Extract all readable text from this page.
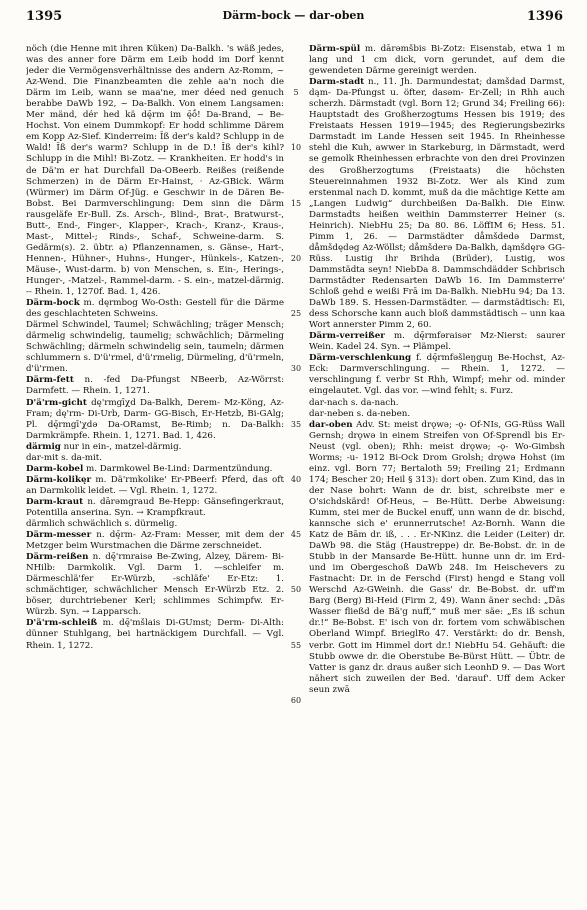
1395	Därm-bock — dar-oben	1396

nöch (die Henne mit ihren Küken) Da-Balkh. 's wäß jedes, was des anner fore Därm em Leib hodd im Dorf kennt jeder die Vermögensverhältnisse des andern Az-Romm, ~ Az-Wend. Die Finanzbeamten die zehle aa'n noch die Därm im Leib, wann se maa'ne, mer déed ned genuch berabbe DaWb 192, ~ Da-Balkh. Von einem Langsamen: Mer mänd, dér hed kä dę̄rm im ę̄ṓ! Da-Brand, ~ Be-Hochst. Von einem Dummkopf: Er hodd schlimme Därem em Kopp Az-Sief. Kinderreim: Ĭß der's kald? Schlupp in de Wald! Ĭß der's warm? Schlupp in de D.! Ĭß der's kihl? Schlupp in die Mihl! Bi-Zotz. — Krankheiten. Er hodd's in de Dä'm er hat Durchfall Da-OBeerb. Reißes (reißende Schmerzen) in de Därm Er-Hainst, · Az-GBick. Wärm (Würmer) im Därm Of-Jüg. e Geschwir in de Dären Be-Bobst. Bei Darmverschlingung: Dem sinn die Därm rausgeläfe Er-Bull. Zs. Arsch-, Blind-, Brat-, Bratwurst-, Butt-, End-, Finger-, Klapper-, Krach-, Kranz-, Kraus-, Mast-, Mittel-; Rinds-, Schaf-, Schweine-darm. S. Gedärm(s). 2. übtr. a) Pflanzennamen, s. Gänse-, Hart-, Hennen-, Hühner-, Huhns-, Hunger-, Hünkels-, Katzen-, Mäuse-, Wust-darm. b) von Menschen, s. Ein-, Herings-, Hunger-, -Matzel-, Rammel-darm. - S. ein-, matzel-därmig. -- Rhein. 1, 1270f. Bad. 1, 426.

Därm-bock m. dęrmbog Wo-Osth: Gestell für die Därme des geschlachteten Schweins.

Därmel Schwindel, Taumel; Schwächling; träger Mensch; därmelig schwindelig, taumelig; schwächlich; Därmeling Schwächling; därmeln schwindelig sein, taumeln; därmen schlummern s. D'ü'rmel, d'ü'rmelig, Dürmeling, d'ü'rmeln, d'ü'rmen.

Därm-fett n. -fed Da-Pfungst NBeerb, Az-Wörrst: Darmfett. — Rhein. 1, 1271.

D'ä'rm-gicht dę'rmgīχd Da-Balkh, Derem- Mz-Köng, Az-Fram; dę'rm- Di-Urb, Darm- GG-Bisch, Er-Hetzb, Bi-GAlg; Pl. dę̄rmgī'χdə Da-ORamst, Be-Rimb; n. Da-Balkh: Darmkrämpfe. Rhein. 1, 1271. Bad. 1, 426.

därmig nur in ein-, matzel-därmig.

dar-mit s. da-mit.

Darm-kobel m. Darmkowel Be-Lind: Darmentzündung.

Därm-kolikęr m. Dä'rmkolike' Er-PBeerf: Pferd, das oft an Darmkolik leidet. — Vgl. Rhein. 1, 1272.

Darm-kraut n. dārəmgraud Be-Hepp: Gänsefingerkraut, Potentilla anserina. Syn. → Krampfkraut.

därmlich schwächlich s. dürmelig.

Därm-messer n. dę̄rm- Az-Fram: Messer, mit dem der Metzger beim Wurstmachen die Därme zerschneidet.

Därm-reißen n. dę̄'rmraisə Be-Zwing, Alzey, Därem- Bi-NHilb: Darmkolik. Vgl. Darm 1. —schleifer m. Därmeschlä'fer Er-Würzb, -schläfe' Er-Etz: 1. schmächtiger, schwächlicher Mensch Er-Würzb Etz. 2. böser, durchtriebener Kerl; schlimmes Schimpfw. Er-Würzb. Syn. → Lapparsch.

D'ä'rm-schleiß m. dę̄'mšlais Di-GUmst; Derm- Di-Alth: dünner Stuhlgang, bei hartnäckigem Durchfall. — Vgl. Rhein. 1, 1272.

5
10
15
20
25
30
35
40
45
50
55
60

Därm-spül m. dārəmšbis Bi-Zotz: Eisenstab, etwa 1 m lang und 1 cm dick, vorn gerundet, auf dem die gewendeten Därme gereinigt werden.

Darm-stadt n., 11. Jh. Darmundestat; damšdad Darmst, dąm- Da-Pfungst u. öfter, dasəm- Er-Zell; in Rhh auch scherzh. Därmstadt (vgl. Born 12; Grund 34; Freiling 66): Hauptstadt des Großherzogtums Hessen bis 1919; des Freistaats Hessen 1919—1945; des Regierungsbezirks Darmstadt im Lande Hessen seit 1945. In Rheinhesse stehl die Kuh, awwer in Starkeburg, in Därmstadt, werd se gemolk Rheinhessen erbrachte von den drei Provinzen des Großherzogtums (Freistaats) die höchsten Steuereinnahmen 1932 Bi-Zotz. Wer als Kind zum erstenmal nach D. kommt, muß da die mächtige Kette am „Langen Ludwig“ durchbeißen Da-Balkh. Die Einw. Darmstadts heißen weithin Dammsterrer Heiner (s. Heinrich). NiebHu 25; Da 80. 86. LöffIM 6; Hess. 51. Pimm 1, 26. — Darmstädter dåmšdedə Darmst, dåmšdędəg Az-Wöllst; dåmšderə Da-Balkh, dąmšdęrə GG-Rüss. Lustig ihr Brihda (Brüder), Lustig, wos Dammstädta seyn! NiebDa 8. Dammschdädder Schbrisch Darmstädter Redensarten DaWb 16. Im Dammsterre' Schloß gehd e weißi Frā im Da-Balkh. NiebHu 94; Da 13. DaWb 189. S. Hessen-Darmstädter. — darmstädtisch: Ei, dess Schorsche kann auch bloß dammstädtisch -- unn kaa Wort annerster Pimm 2, 60.

Därm-verreißer m. dę̄rmfəraisər Mz-Nierst: saurer Wein. Kadel 24. Syn. → Plämpel.

Därm-verschlenkung f. dę̄rmfəšleŋguŋ Be-Hochst, Az-Eck: Darmverschlingung. — Rhein. 1, 1272. —verschlingung f. verbr St Rhh, Wimpf; mehr od. minder eingelautet. Vgl. das vor. —wind fehlt; s. Furz.

dar-nach s. da-nach.

dar-neben s. da-neben.

dar-oben Adv. St: meist drǫwə; -ǫ- Of-NIs, GG-Rüss Wall Gernsh; drǫwə in einem Streifen von Of-Sprendl bis Er-Neust (vgl. oben); Rhh: meist drǫwə; -ǫ- Wo-Gimbsh Worms; -u- 1912 Bi-Ock Drom Grolsh; drǫwə Hohst (im einz. vgl. Born 77; Bertaloth 59; Freiling 21; Erdmann 174; Bescher 20; Heil § 313): dort oben. Zum Kind, das in der Nase bohrt: Wann de dr. bist, schreibste mer e O'sichdskärd! Of-Heus, ~ Be-Hütt. Derbe Abweisung: Kumm, stei mer de Buckel enuff, unn wann de dr. bischd, kannsche sich e' erunnerrutsche! Az-Bornh. Wann die Katz de Bām dr. iß, . . . Er-NKinz. die Leider (Leiter) dr. DaWb 98. die Stäg (Haustreppe) dr. Be-Bobst. dr. in de Stubb in der Mansarde Be-Hütt. hunne unn dr. im Erd- und im Obergeschoß DaWb 248. Im Heischevers zu Fastnacht: Dr. in de Ferschd (First) hengd e Stang voll Werschd Az-GWeinh. die Gass' dr. Be-Bobst. dr. uff'm Barg (Berg) Bi-Heid (Firm 2, 49). Wann äner sechd: „Dās Wasser fließd de Bä'g nuff,“ muß mer säe: „Es iß schun dr.!“ Be-Bobst. E' isch von dr. fortem vom schwäbischen Oberland Wimpf. BrieglRo 47. Verstärkt: do dr. Bensh, verbr. Gott im Himmel dort dr.! NiebHu 54. Gehäuft: die Stubb owwe dr. die Oberstube Be-Bürst Hütt. — Übtr. de Vatter is ganz dr. draus außer sich LeonhD 9. — Das Wort nähert sich zuweilen der Bed. 'darauf'. Uff dem Acker seun zwā
